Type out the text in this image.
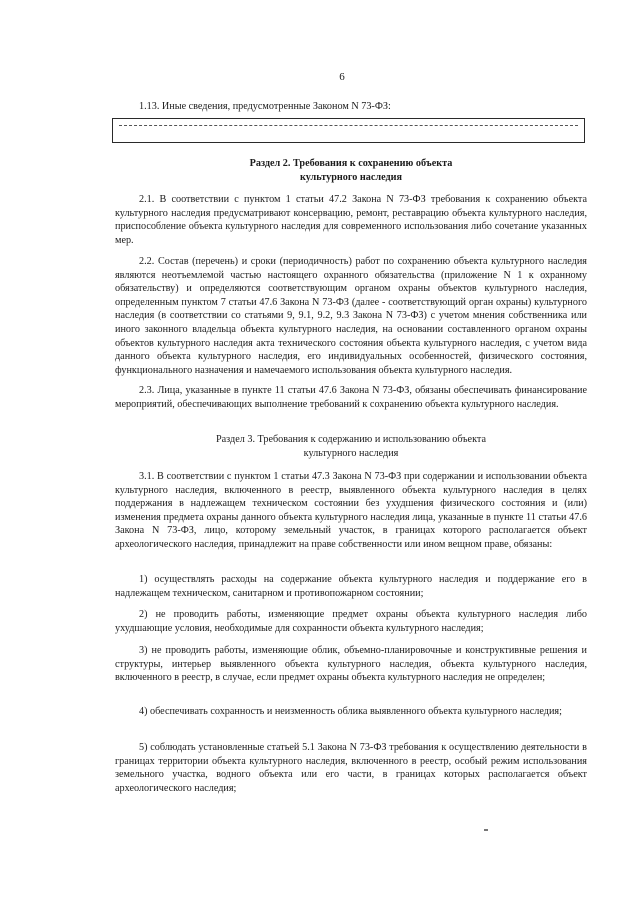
6
1.13. Иные сведения, предусмотренные Законом N 73-ФЗ:
Раздел 2. Требования к сохранению объекта
культурного наследия

2.1. В соответствии с пунктом 1 статьи 47.2 Закона N 73-ФЗ требования к сохранению объекта культурного наследия предусматривают консервацию, ремонт, реставрацию объекта культурного наследия, приспособление объекта культурного наследия для современного использования либо сочетание указанных мер.

2.2. Состав (перечень) и сроки (периодичность) работ по сохранению объекта культурного наследия являются неотъемлемой частью настоящего охранного обязательства (приложение N 1 к охранному обязательству) и определяются соответствующим органом охраны объектов культурного наследия, определенным пунктом 7 статьи 47.6 Закона N 73-ФЗ (далее - соответствующий орган охраны) культурного наследия (в соответствии со статьями 9, 9.1, 9.2, 9.3 Закона N 73-ФЗ) с учетом мнения собственника или иного законного владельца объекта культурного наследия, на основании составленного органом охраны объектов культурного наследия акта технического состояния объекта культурного наследия, с учетом вида данного объекта культурного наследия, его индивидуальных особенностей, физического состояния, функционального назначения и намечаемого использования объекта культурного наследия.

2.3. Лица, указанные в пункте 11 статьи 47.6 Закона N 73-ФЗ, обязаны обеспечивать финансирование мероприятий, обеспечивающих выполнение требований к сохранению объекта культурного наследия.

Раздел 3. Требования к содержанию и использованию объекта
культурного наследия

3.1. В соответствии с пунктом 1 статьи 47.3 Закона N 73-ФЗ при содержании и использовании объекта культурного наследия, включенного в реестр, выявленного объекта культурного наследия в целях поддержания в надлежащем техническом состоянии без ухудшения физического состояния и (или) изменения предмета охраны данного объекта культурного наследия лица, указанные в пункте 11 статьи 47.6 Закона N 73-ФЗ, лицо, которому земельный участок, в границах которого располагается объект археологического наследия, принадлежит на праве собственности или ином вещном праве, обязаны:

1) осуществлять расходы на содержание объекта культурного наследия и поддержание его в надлежащем техническом, санитарном и противопожарном состоянии;

2) не проводить работы, изменяющие предмет охраны объекта культурного наследия либо ухудшающие условия, необходимые для сохранности объекта культурного наследия;

3) не проводить работы, изменяющие облик, объемно-планировочные и конструктивные решения и структуры, интерьер выявленного объекта культурного наследия, объекта культурного наследия, включенного в реестр, в случае, если предмет охраны объекта культурного наследия не определен;

4) обеспечивать сохранность и неизменность облика выявленного объекта культурного наследия;

5) соблюдать установленные статьей 5.1 Закона N 73-ФЗ требования к осуществлению деятельности в границах территории объекта культурного наследия, включенного в реестр, особый режим использования земельного участка, водного объекта или его части, в границах которых располагается объект археологического наследия;
